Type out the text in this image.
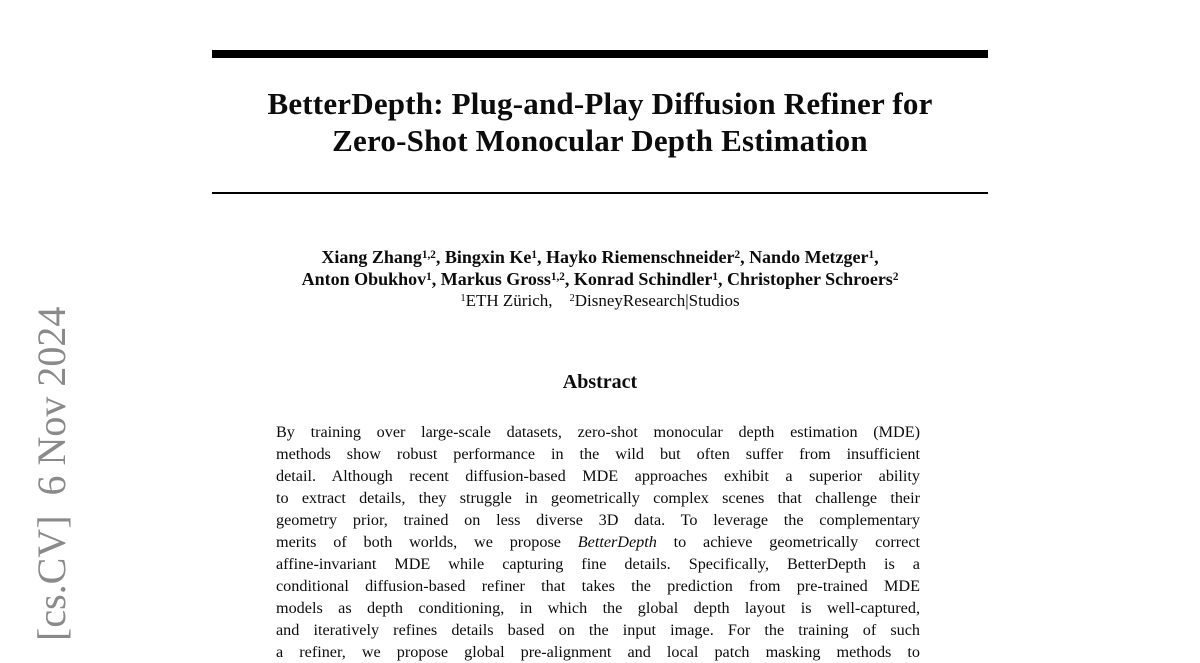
[cs.CV]  6 Nov 2024
BetterDepth: Plug-and-Play Diffusion Refiner for
Zero-Shot Monocular Depth Estimation
Xiang Zhang$^{1,2}$, Bingxin Ke$^1$, Hayko Riemenschneider$^2$, Nando Metzger$^1$,
Anton Obukhov$^1$, Markus Gross$^{1,2}$, Konrad Schindler$^1$, Christopher Schroers$^2$
$^1$ETH Zürich,    $^2$DisneyResearch|Studios
Abstract
By training over large-scale datasets, zero-shot monocular depth estimation (MDE)
methods show robust performance in the wild but often suffer from insufficient
detail. Although recent diffusion-based MDE approaches exhibit a superior ability
to extract details, they struggle in geometrically complex scenes that challenge their
geometry prior, trained on less diverse 3D data. To leverage the complementary
merits of both worlds, we propose BetterDepth to achieve geometrically correct
affine-invariant MDE while capturing fine details. Specifically, BetterDepth is a
conditional diffusion-based refiner that takes the prediction from pre-trained MDE
models as depth conditioning, in which the global depth layout is well-captured,
and iteratively refines details based on the input image. For the training of such
a refiner, we propose global pre-alignment and local patch masking methods to
